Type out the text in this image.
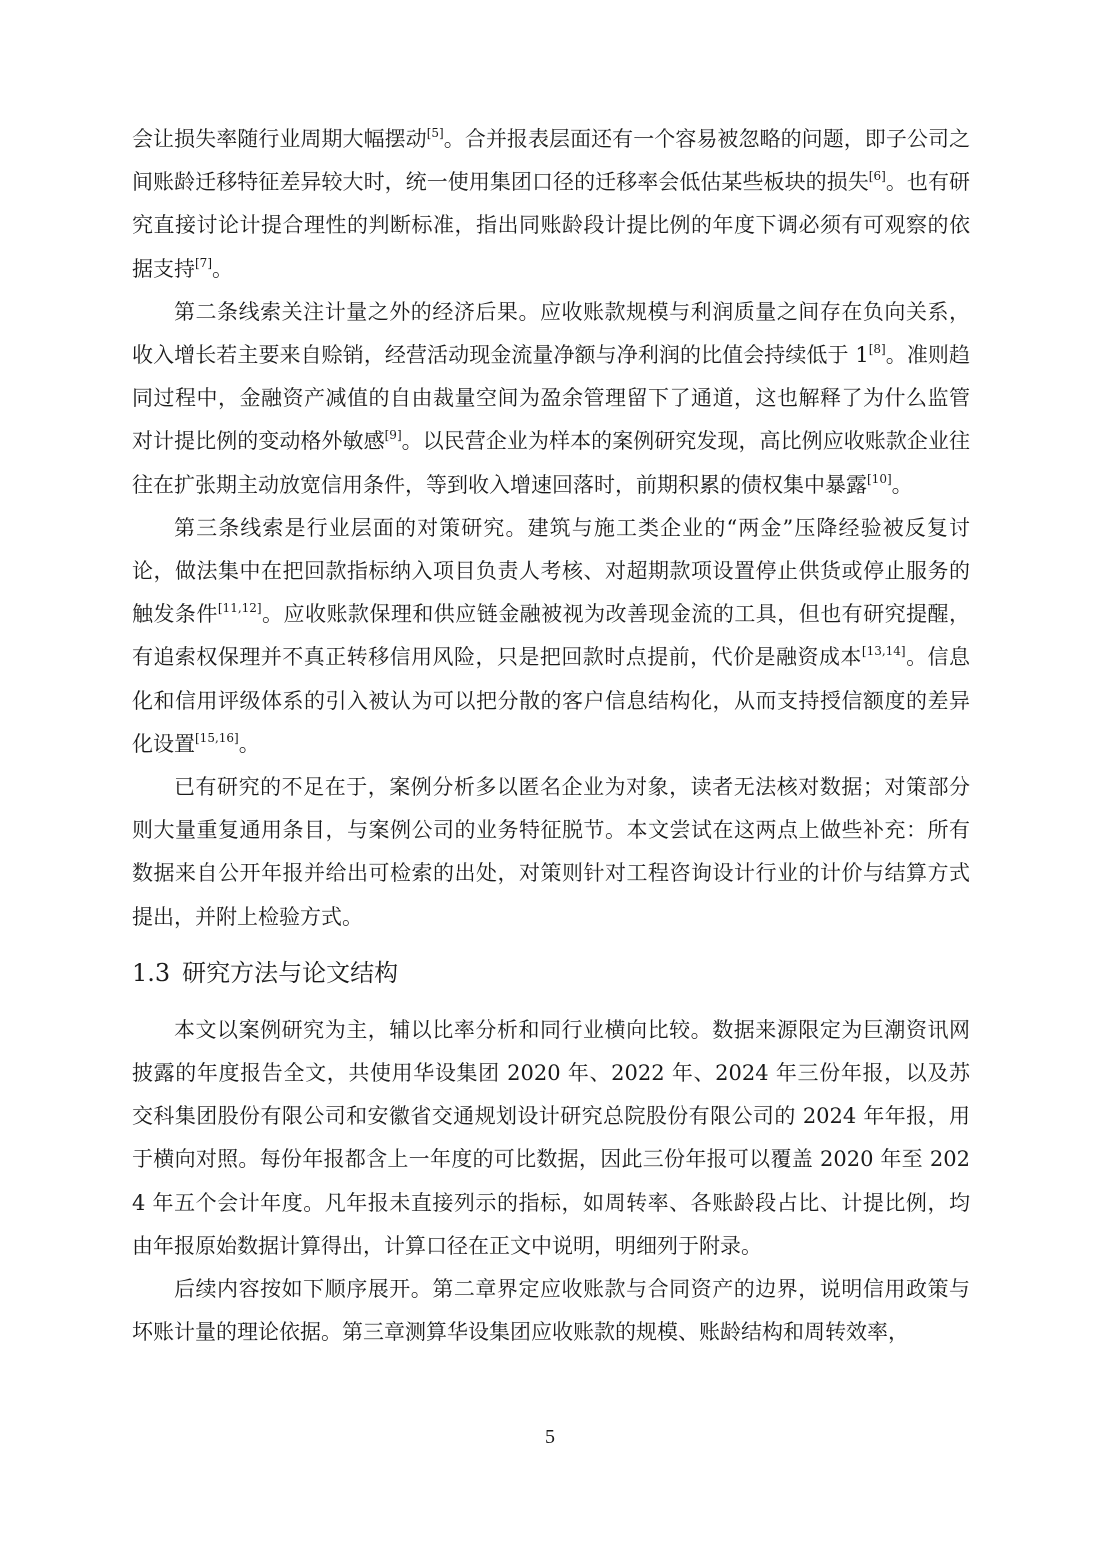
会让损失率随行业周期大幅摆动[5]。合并报表层面还有一个容易被忽略的问题，即子公司之间账龄迁移特征差异较大时，统一使用集团口径的迁移率会低估某些板块的损失[6]。也有研究直接讨论计提合理性的判断标准，指出同账龄段计提比例的年度下调必须有可观察的依据支持[7]。

第二条线索关注计量之外的经济后果。应收账款规模与利润质量之间存在负向关系，收入增长若主要来自赊销，经营活动现金流量净额与净利润的比值会持续低于 1[8]。准则趋同过程中，金融资产减值的自由裁量空间为盈余管理留下了通道，这也解释了为什么监管对计提比例的变动格外敏感[9]。以民营企业为样本的案例研究发现，高比例应收账款企业往往在扩张期主动放宽信用条件，等到收入增速回落时，前期积累的债权集中暴露[10]。

第三条线索是行业层面的对策研究。建筑与施工类企业的“两金”压降经验被反复讨论，做法集中在把回款指标纳入项目负责人考核、对超期款项设置停止供货或停止服务的触发条件[11,12]。应收账款保理和供应链金融被视为改善现金流的工具，但也有研究提醒，有追索权保理并不真正转移信用风险，只是把回款时点提前，代价是融资成本[13,14]。信息化和信用评级体系的引入被认为可以把分散的客户信息结构化，从而支持授信额度的差异化设置[15,16]。

已有研究的不足在于，案例分析多以匿名企业为对象，读者无法核对数据；对策部分则大量重复通用条目，与案例公司的业务特征脱节。本文尝试在这两点上做些补充：所有数据来自公开年报并给出可检索的出处，对策则针对工程咨询设计行业的计价与结算方式提出，并附上检验方式。

1.3 研究方法与论文结构

本文以案例研究为主，辅以比率分析和同行业横向比较。数据来源限定为巨潮资讯网披露的年度报告全文，共使用华设集团 2020 年、2022 年、2024 年三份年报，以及苏交科集团股份有限公司和安徽省交通规划设计研究总院股份有限公司的 2024 年年报，用于横向对照。每份年报都含上一年度的可比数据，因此三份年报可以覆盖 2020 年至 2024 年五个会计年度。凡年报未直接列示的指标，如周转率、各账龄段占比、计提比例，均由年报原始数据计算得出，计算口径在正文中说明，明细列于附录。

后续内容按如下顺序展开。第二章界定应收账款与合同资产的边界，说明信用政策与坏账计量的理论依据。第三章测算华设集团应收账款的规模、账龄结构和周转效率，

5
